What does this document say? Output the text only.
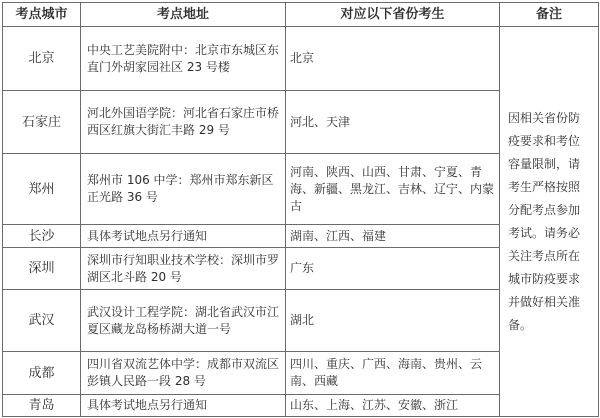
考点城市	考点地址	对应以下省份考生	备注
北京	中央工艺美院附中：北京市东城区东直门外胡家园社区 23 号楼	北京	因相关省份防疫要求和考位容量限制，请考生严格按照分配考点参加考试。请务必关注考点所在城市防疫要求并做好相关准备。
石家庄	河北外国语学院：河北省石家庄市桥西区红旗大街汇丰路 29 号	河北、天津	
郑州	郑州市 106 中学：郑州市郑东新区正光路 36 号	河南、陕西、山西、甘肃、宁夏、青海、新疆、黑龙江、吉林、辽宁、内蒙古	
长沙	具体考试地点另行通知	湖南、江西、福建	
深圳	深圳市行知职业技术学校：深圳市罗湖区北斗路 20 号	广东	
武汉	武汉设计工程学院：湖北省武汉市江夏区藏龙岛杨桥湖大道一号	湖北	
成都	四川省双流艺体中学：成都市双流区彭镇人民路一段 28 号	四川、重庆、广西、海南、贵州、云南、西藏	
青岛	具体考试地点另行通知	山东、上海、江苏、安徽、浙江	
